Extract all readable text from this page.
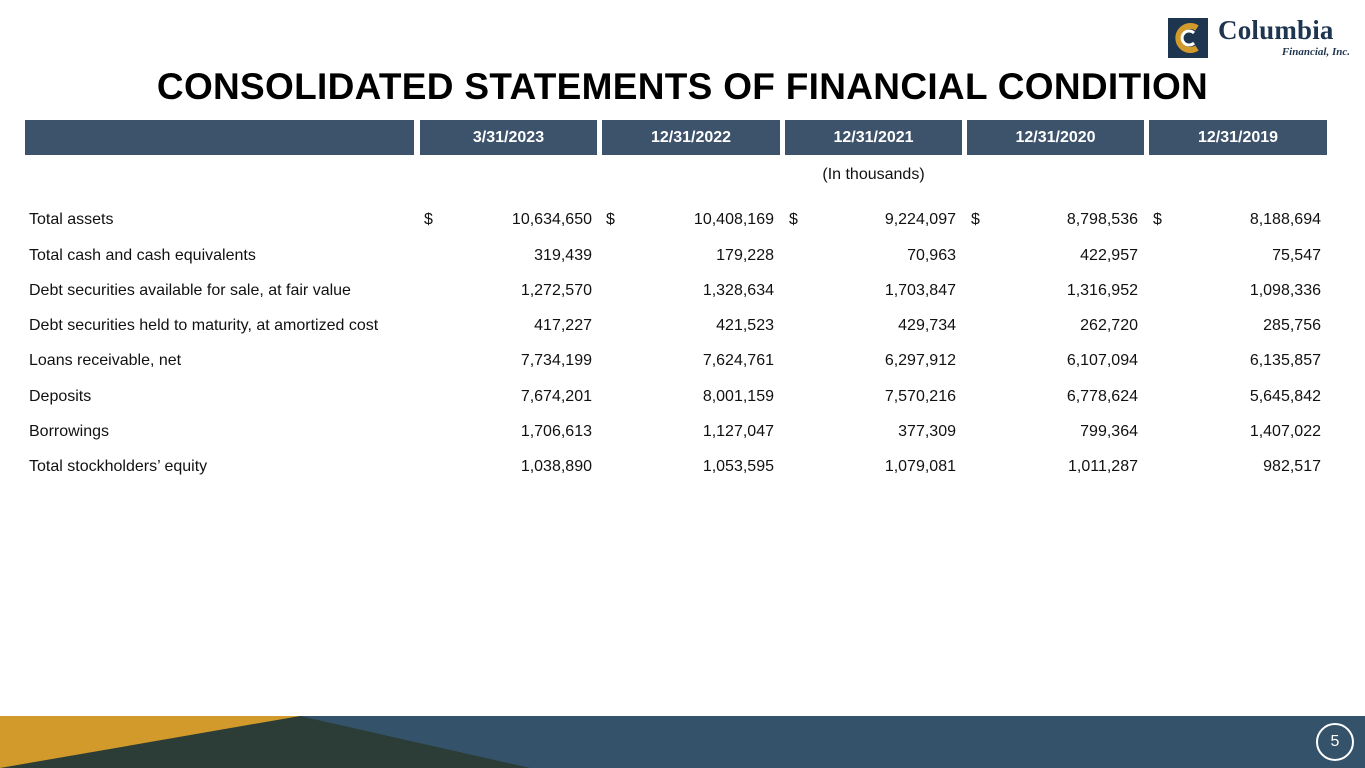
Columbia
Financial, Inc.
CONSOLIDATED STATEMENTS OF FINANCIAL CONDITION
3/31/2023	12/31/2022	12/31/2021	12/31/2020	12/31/2019
(In thousands)
Total assets	$	10,634,650 $	10,408,169 $	9,224,097 $	8,798,536 $	8,188,694
Total cash and cash equivalents	319,439	179,228	70,963	422,957	75,547
Debt securities available for sale, at fair value	1,272,570	1,328,634	1,703,847	1,316,952	1,098,336
Debt securities held to maturity, at amortized cost	417,227	421,523	429,734	262,720	285,756
Loans receivable, net	7,734,199	7,624,761	6,297,912	6,107,094	6,135,857
Deposits	7,674,201	8,001,159	7,570,216	6,778,624	5,645,842
Borrowings	1,706,613	1,127,047	377,309	799,364	1,407,022
Total stockholders’ equity	1,038,890	1,053,595	1,079,081	1,011,287	982,517
5
